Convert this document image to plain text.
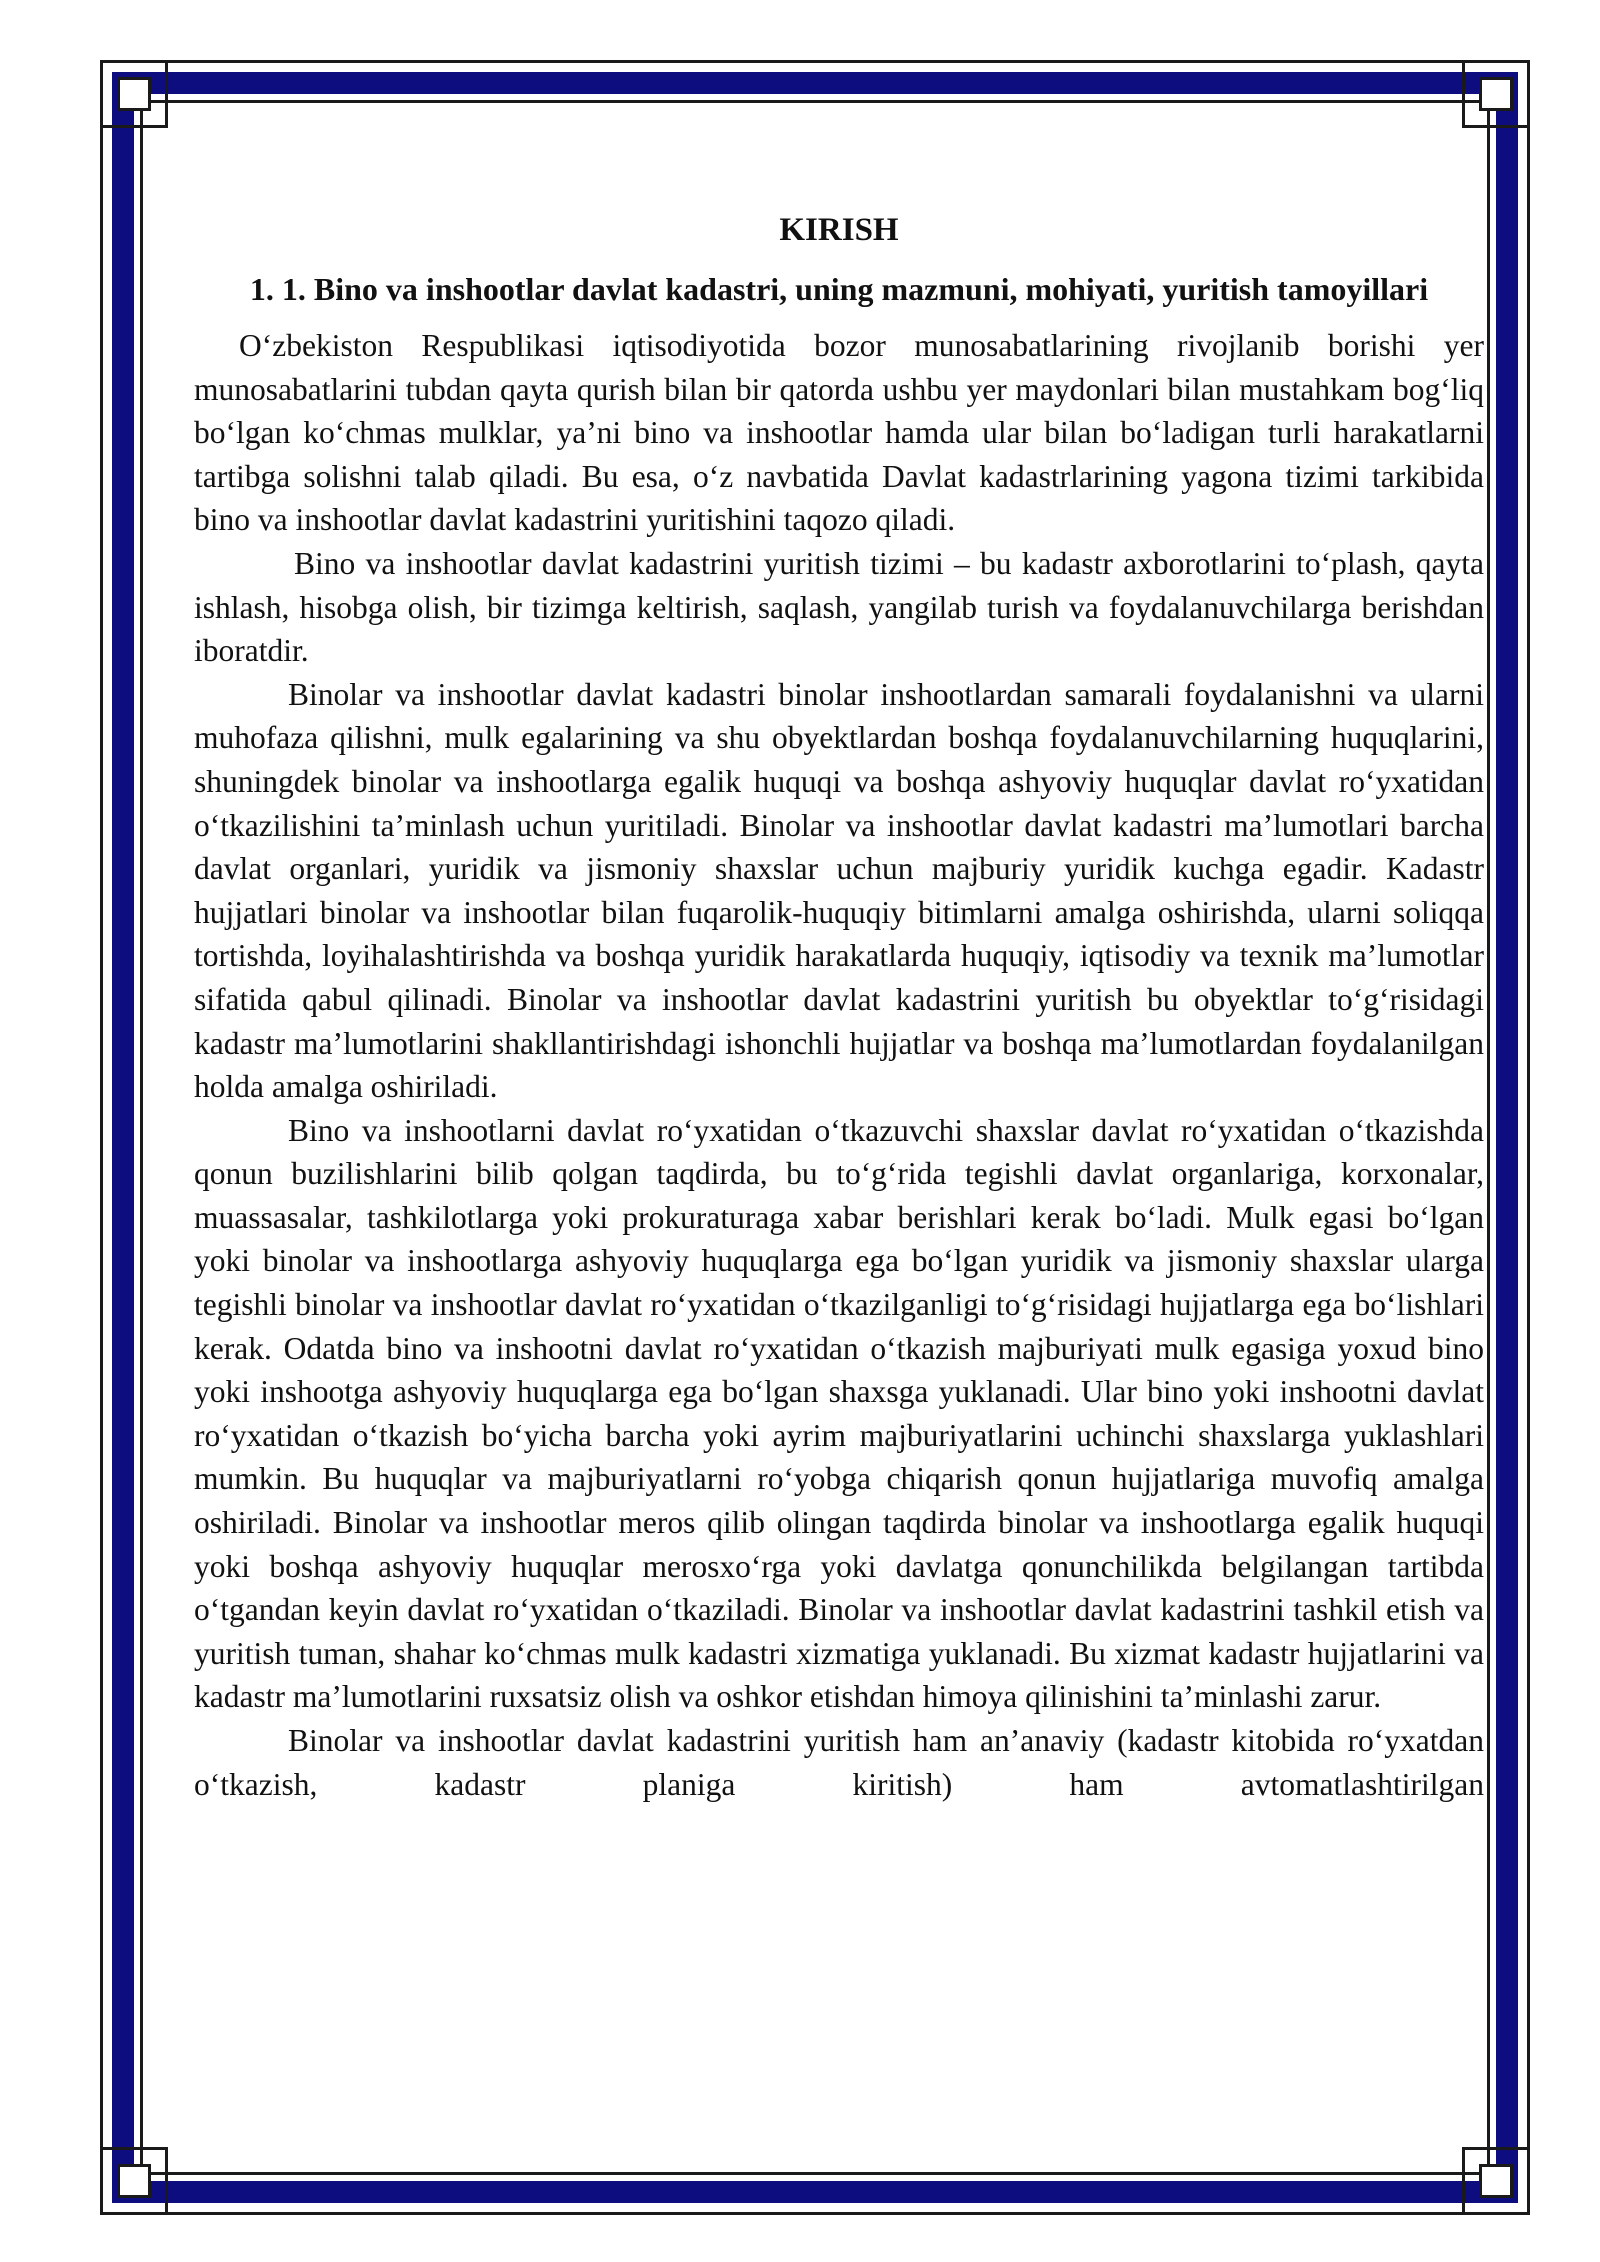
KIRISH
1. 1. Bino va inshootlar davlat kadastri, uning mazmuni, mohiyati, yuritish tamoyillari

O‘zbekiston Respublikasi iqtisodiyotida bozor munosabatlarining rivojlanib borishi yer munosabatlarini tubdan qayta qurish bilan bir qatorda ushbu yer maydonlari bilan mustahkam bog‘liq bo‘lgan ko‘chmas mulklar, ya’ni bino va inshootlar hamda ular bilan bo‘ladigan turli harakatlarni tartibga solishni talab qiladi. Bu esa, o‘z navbatida Davlat kadastrlarining yagona tizimi tarkibida bino va inshootlar davlat kadastrini yuritishini taqozo qiladi.

Bino va inshootlar davlat kadastrini yuritish tizimi – bu kadastr axborotlarini to‘plash, qayta ishlash, hisobga olish, bir tizimga keltirish, saqlash, yangilab turish va foydalanuvchilarga berishdan iboratdir.

Binolar va inshootlar davlat kadastri binolar inshootlardan samarali foydalanishni va ularni muhofaza qilishni, mulk egalarining va shu obyektlardan boshqa foydalanuvchilarning huquqlarini, shuningdek binolar va inshootlarga egalik huquqi va boshqa ashyoviy huquqlar davlat ro‘yxatidan o‘tkazilishini ta’minlash uchun yuritiladi. Binolar va inshootlar davlat kadastri ma’lumotlari barcha davlat organlari, yuridik va jismoniy shaxslar uchun majburiy yuridik kuchga egadir. Kadastr hujjatlari binolar va inshootlar bilan fuqarolik-huquqiy bitimlarni amalga oshirishda, ularni soliqqa tortishda, loyihalashtirishda va boshqa yuridik harakatlarda huquqiy, iqtisodiy va texnik ma’lumotlar sifatida qabul qilinadi. Binolar va inshootlar davlat kadastrini yuritish bu obyektlar to‘g‘risidagi kadastr ma’lumotlarini shakllantirishdagi ishonchli hujjatlar va boshqa ma’lumotlardan foydalanilgan holda amalga oshiriladi.

Bino va inshootlarni davlat ro‘yxatidan o‘tkazuvchi shaxslar davlat ro‘yxatidan o‘tkazishda qonun buzilishlarini bilib qolgan taqdirda, bu to‘g‘rida tegishli davlat organlariga, korxonalar, muassasalar, tashkilotlarga yoki prokuraturaga xabar berishlari kerak bo‘ladi. Mulk egasi bo‘lgan yoki binolar va inshootlarga ashyoviy huquqlarga ega bo‘lgan yuridik va jismoniy shaxslar ularga tegishli binolar va inshootlar davlat ro‘yxatidan o‘tkazilganligi to‘g‘risidagi hujjatlarga ega bo‘lishlari kerak. Odatda bino va inshootni davlat ro‘yxatidan o‘tkazish majburiyati mulk egasiga yoxud bino yoki inshootga ashyoviy huquqlarga ega bo‘lgan shaxsga yuklanadi. Ular bino yoki inshootni davlat ro‘yxatidan o‘tkazish bo‘yicha barcha yoki ayrim majburiyatlarini uchinchi shaxslarga yuklashlari mumkin. Bu huquqlar va majburiyatlarni ro‘yobga chiqarish qonun hujjatlariga muvofiq amalga oshiriladi. Binolar va inshootlar meros qilib olingan taqdirda binolar va inshootlarga egalik huquqi yoki boshqa ashyoviy huquqlar merosxo‘rga yoki davlatga qonunchilikda belgilangan tartibda o‘tgandan keyin davlat ro‘yxatidan o‘tkaziladi. Binolar va inshootlar davlat kadastrini tashkil etish va yuritish tuman, shahar ko‘chmas mulk kadastri xizmatiga yuklanadi. Bu xizmat kadastr hujjatlarini va kadastr ma’lumotlarini ruxsatsiz olish va oshkor etishdan himoya qilinishini ta’minlashi zarur.

Binolar va inshootlar davlat kadastrini yuritish ham an’anaviy (kadastr kitobida ro‘yxatdan o‘tkazish, kadastr planiga kiritish) ham avtomatlashtirilgan
